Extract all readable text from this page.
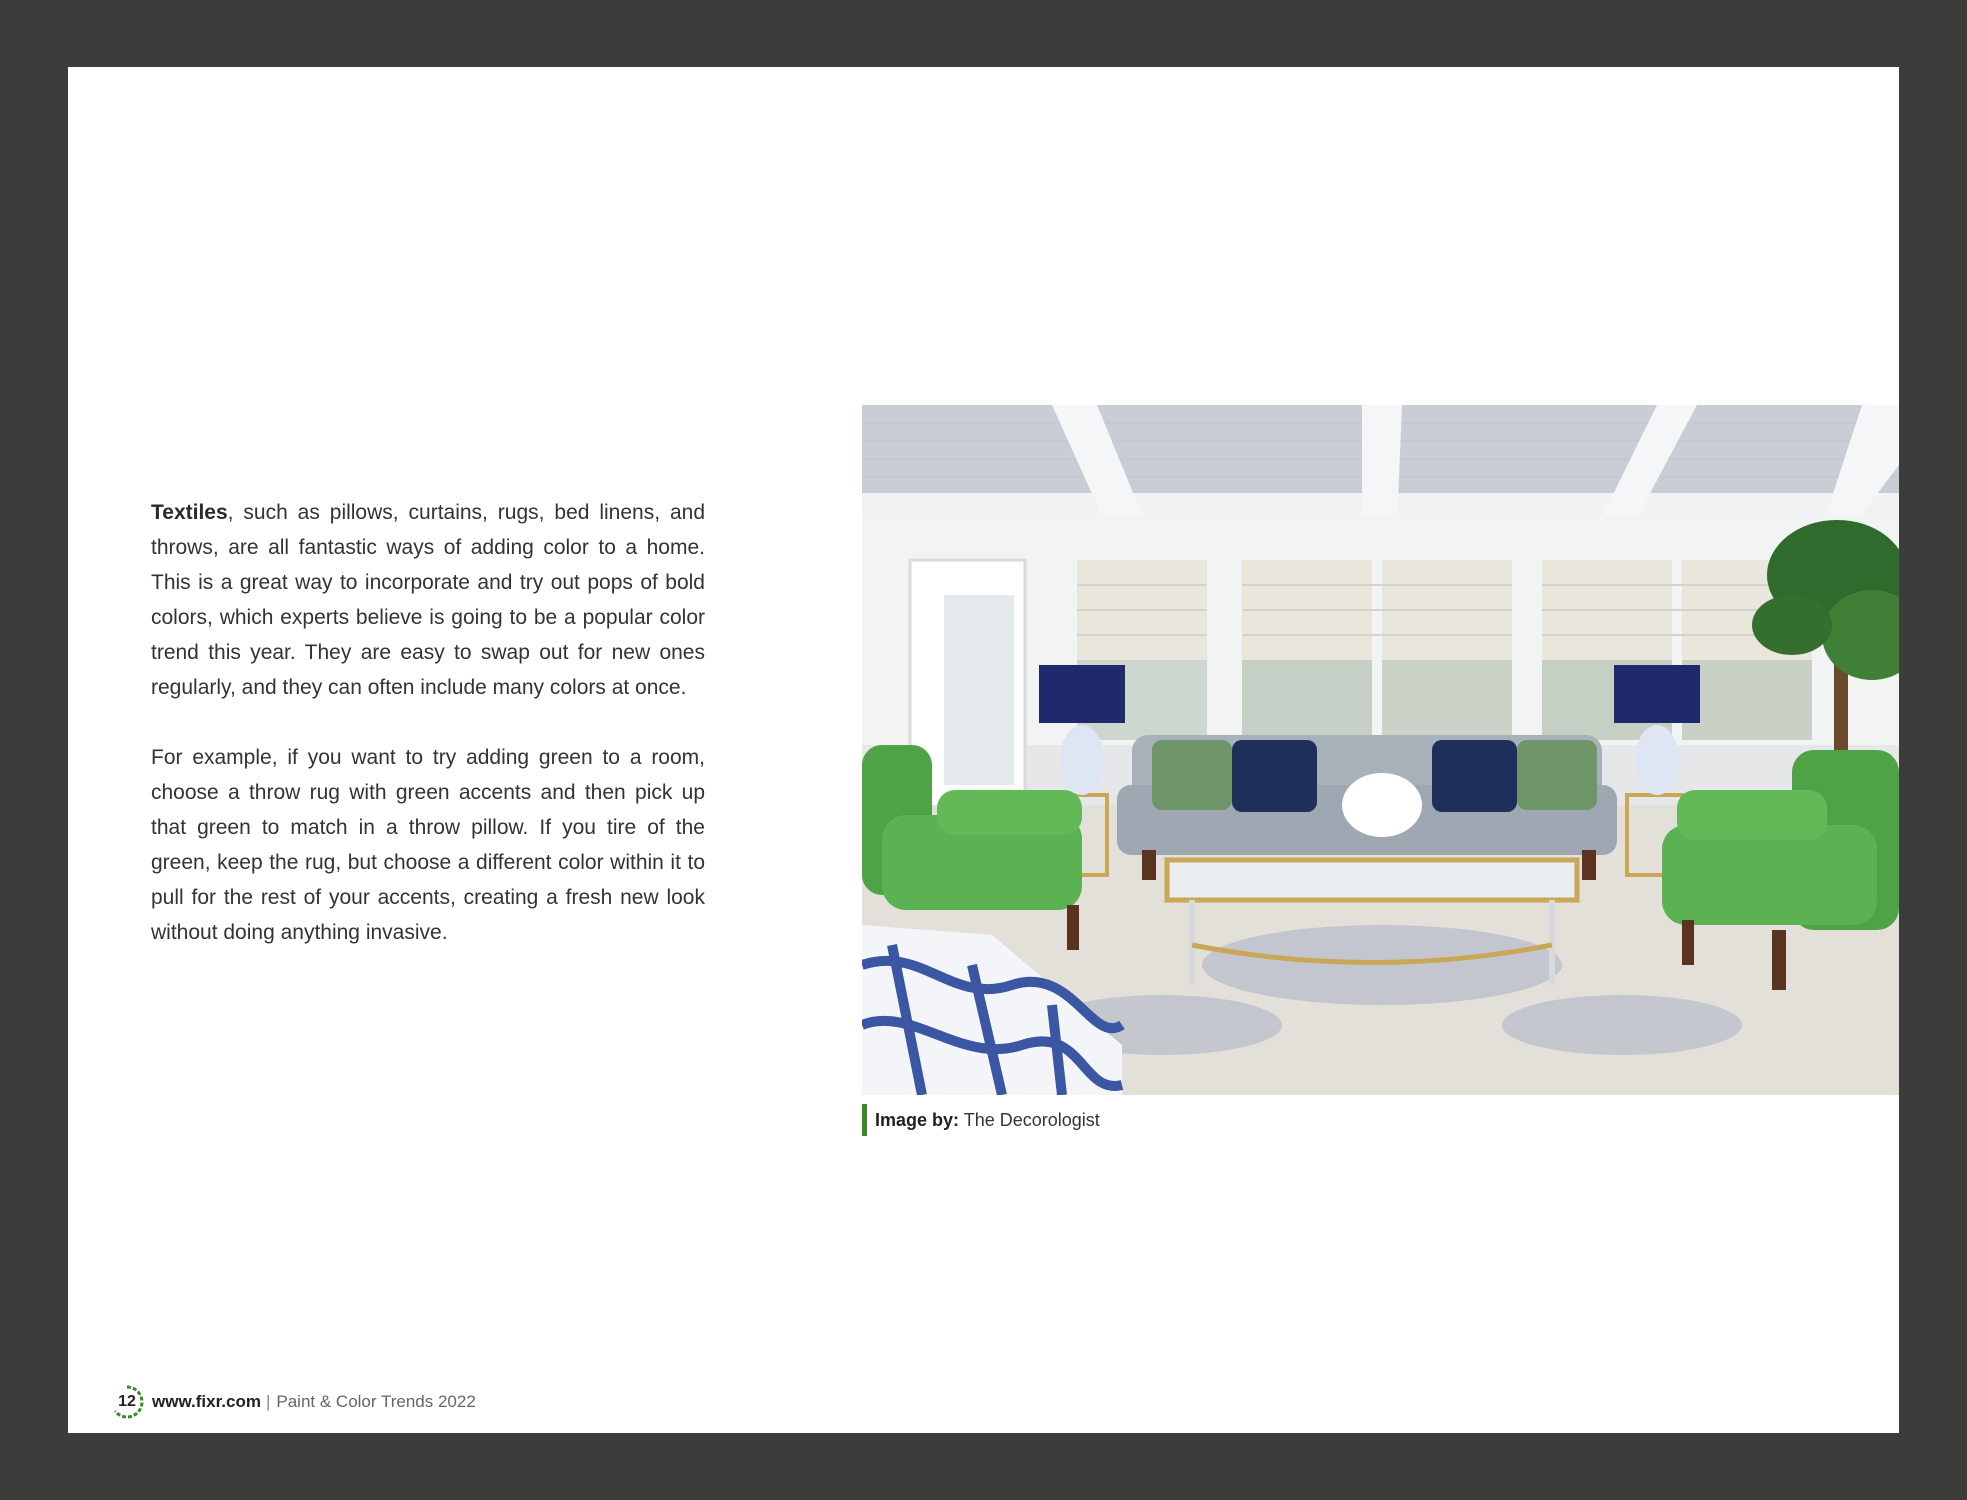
Textiles, such as pillows, curtains, rugs, bed linens, and throws, are all fantastic ways of adding color to a home. This is a great way to incorporate and try out pops of bold colors, which experts believe is going to be a popular color trend this year. They are easy to swap out for new ones regularly, and they can often include many colors at once.

For example, if you want to try adding green to a room, choose a throw rug with green accents and then pick up that green to match in a throw pillow. If you tire of the green, keep the rug, but choose a different color within it to pull for the rest of your accents, creating a fresh new look without doing anything invasive.

Image by: The Decorologist
12 www.fixr.com | Paint & Color Trends 2022
